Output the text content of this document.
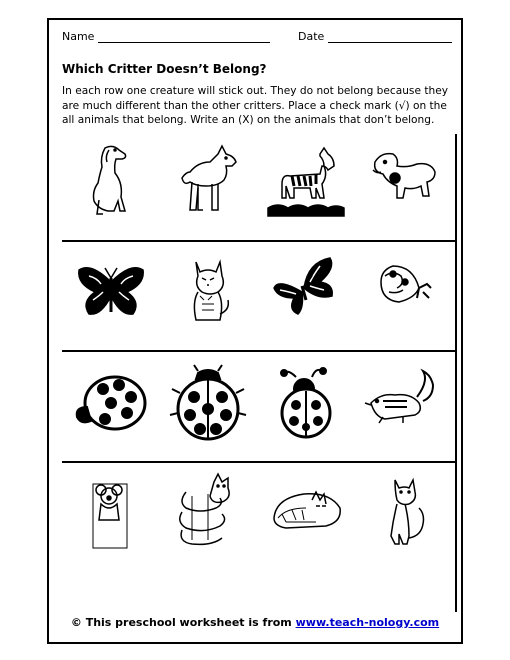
Name	Date
Which Critter Doesn’t Belong?
In each row one creature will stick out. They do not belong because they are much different than the other critters. Place a check mark (√) on the all animals that belong. Write an (X) on the animals that don’t belong.
© This preschool worksheet is from www.teach-nology.com
